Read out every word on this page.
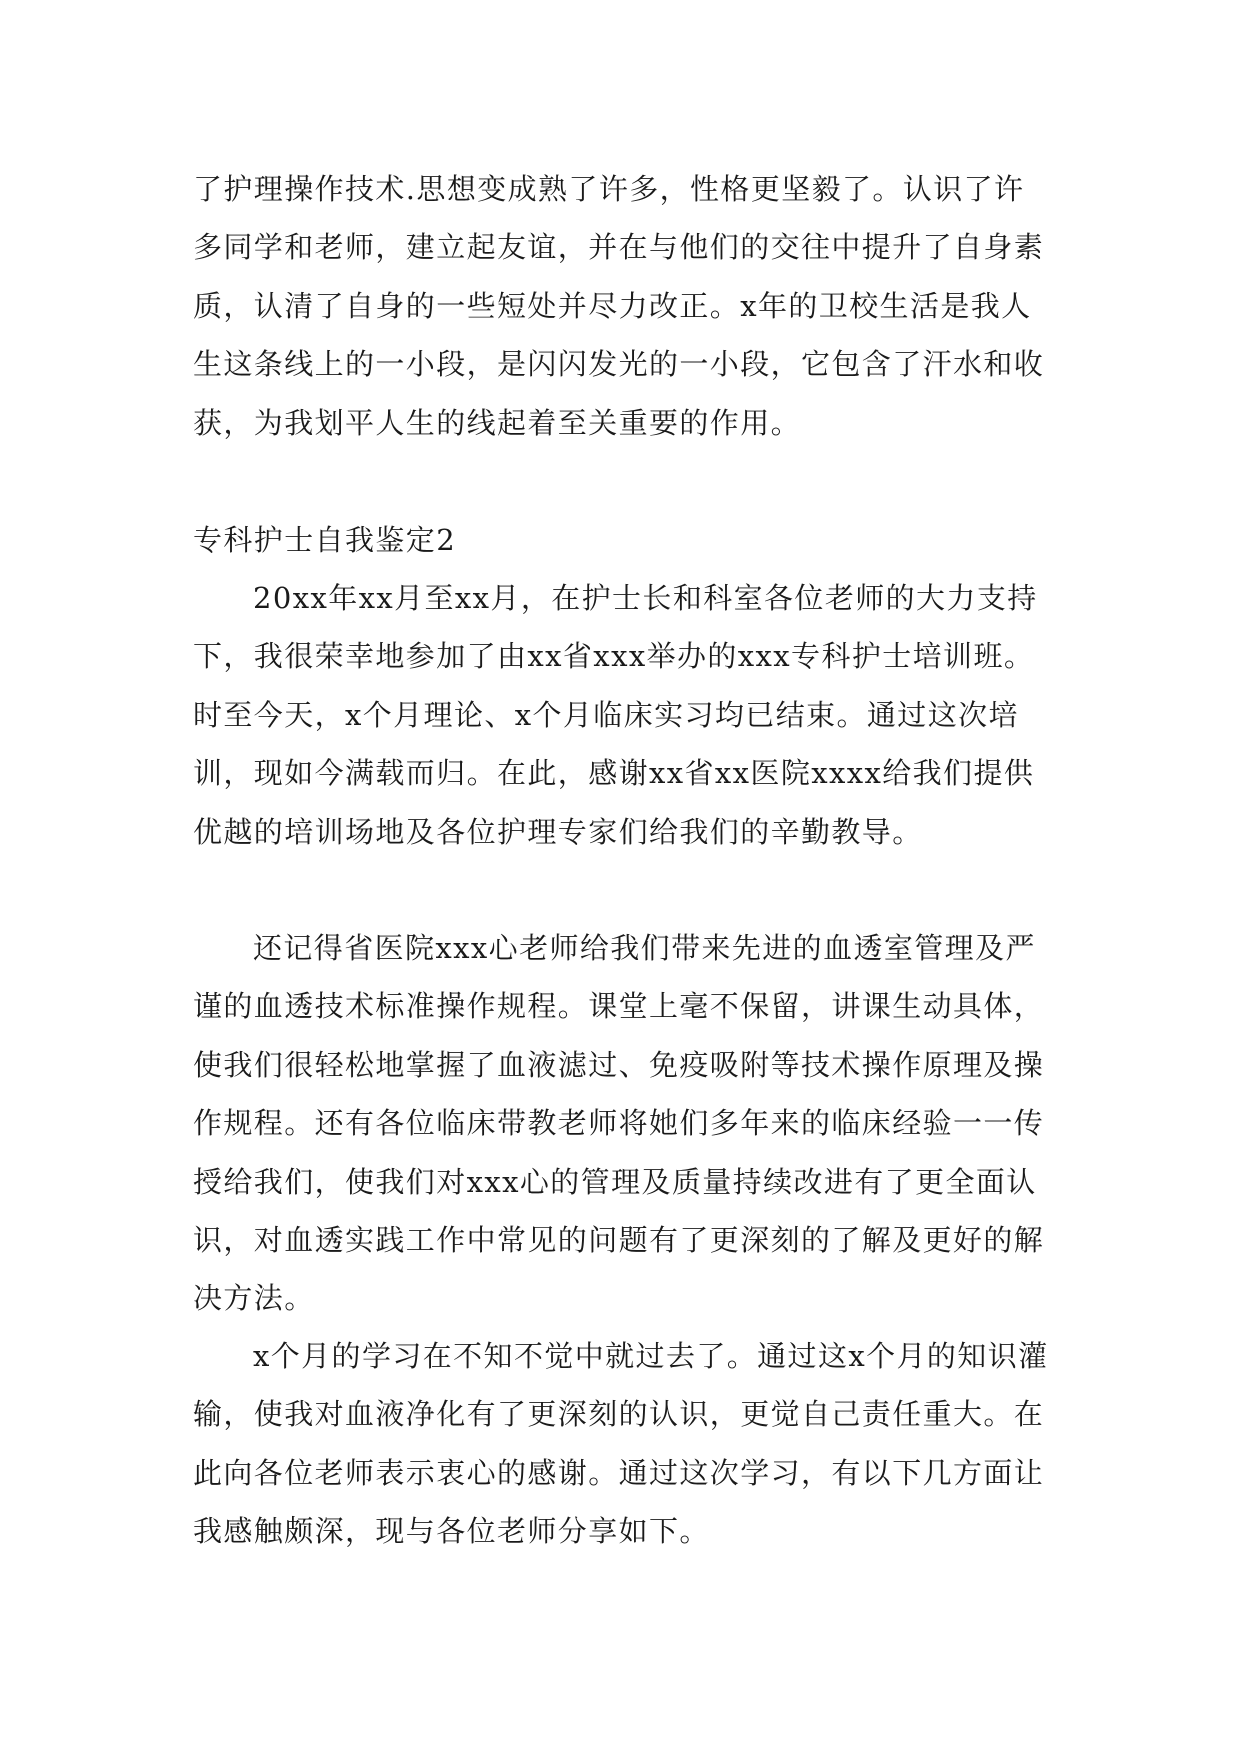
了护理操作技术.思想变成熟了许多，性格更坚毅了。认识了许多同学和老师，建立起友谊，并在与他们的交往中提升了自身素质，认清了自身的一些短处并尽力改正。x年的卫校生活是我人生这条线上的一小段，是闪闪发光的一小段，它包含了汗水和收获，为我划平人生的线起着至关重要的作用。

专科护士自我鉴定2

20xx年xx月至xx月，在护士长和科室各位老师的大力支持下，我很荣幸地参加了由xx省xxx举办的xxx专科护士培训班。时至今天，x个月理论、x个月临床实习均已结束。通过这次培训，现如今满载而归。在此，感谢xx省xx医院xxxx给我们提供优越的培训场地及各位护理专家们给我们的辛勤教导。

还记得省医院xxx心老师给我们带来先进的血透室管理及严谨的血透技术标准操作规程。课堂上毫不保留，讲课生动具体，使我们很轻松地掌握了血液滤过、免疫吸附等技术操作原理及操作规程。还有各位临床带教老师将她们多年来的临床经验一一传授给我们，使我们对xxx心的管理及质量持续改进有了更全面认识，对血透实践工作中常见的问题有了更深刻的了解及更好的解决方法。

x个月的学习在不知不觉中就过去了。通过这x个月的知识灌输，使我对血液净化有了更深刻的认识，更觉自己责任重大。在此向各位老师表示衷心的感谢。通过这次学习，有以下几方面让我感触颇深，现与各位老师分享如下。
